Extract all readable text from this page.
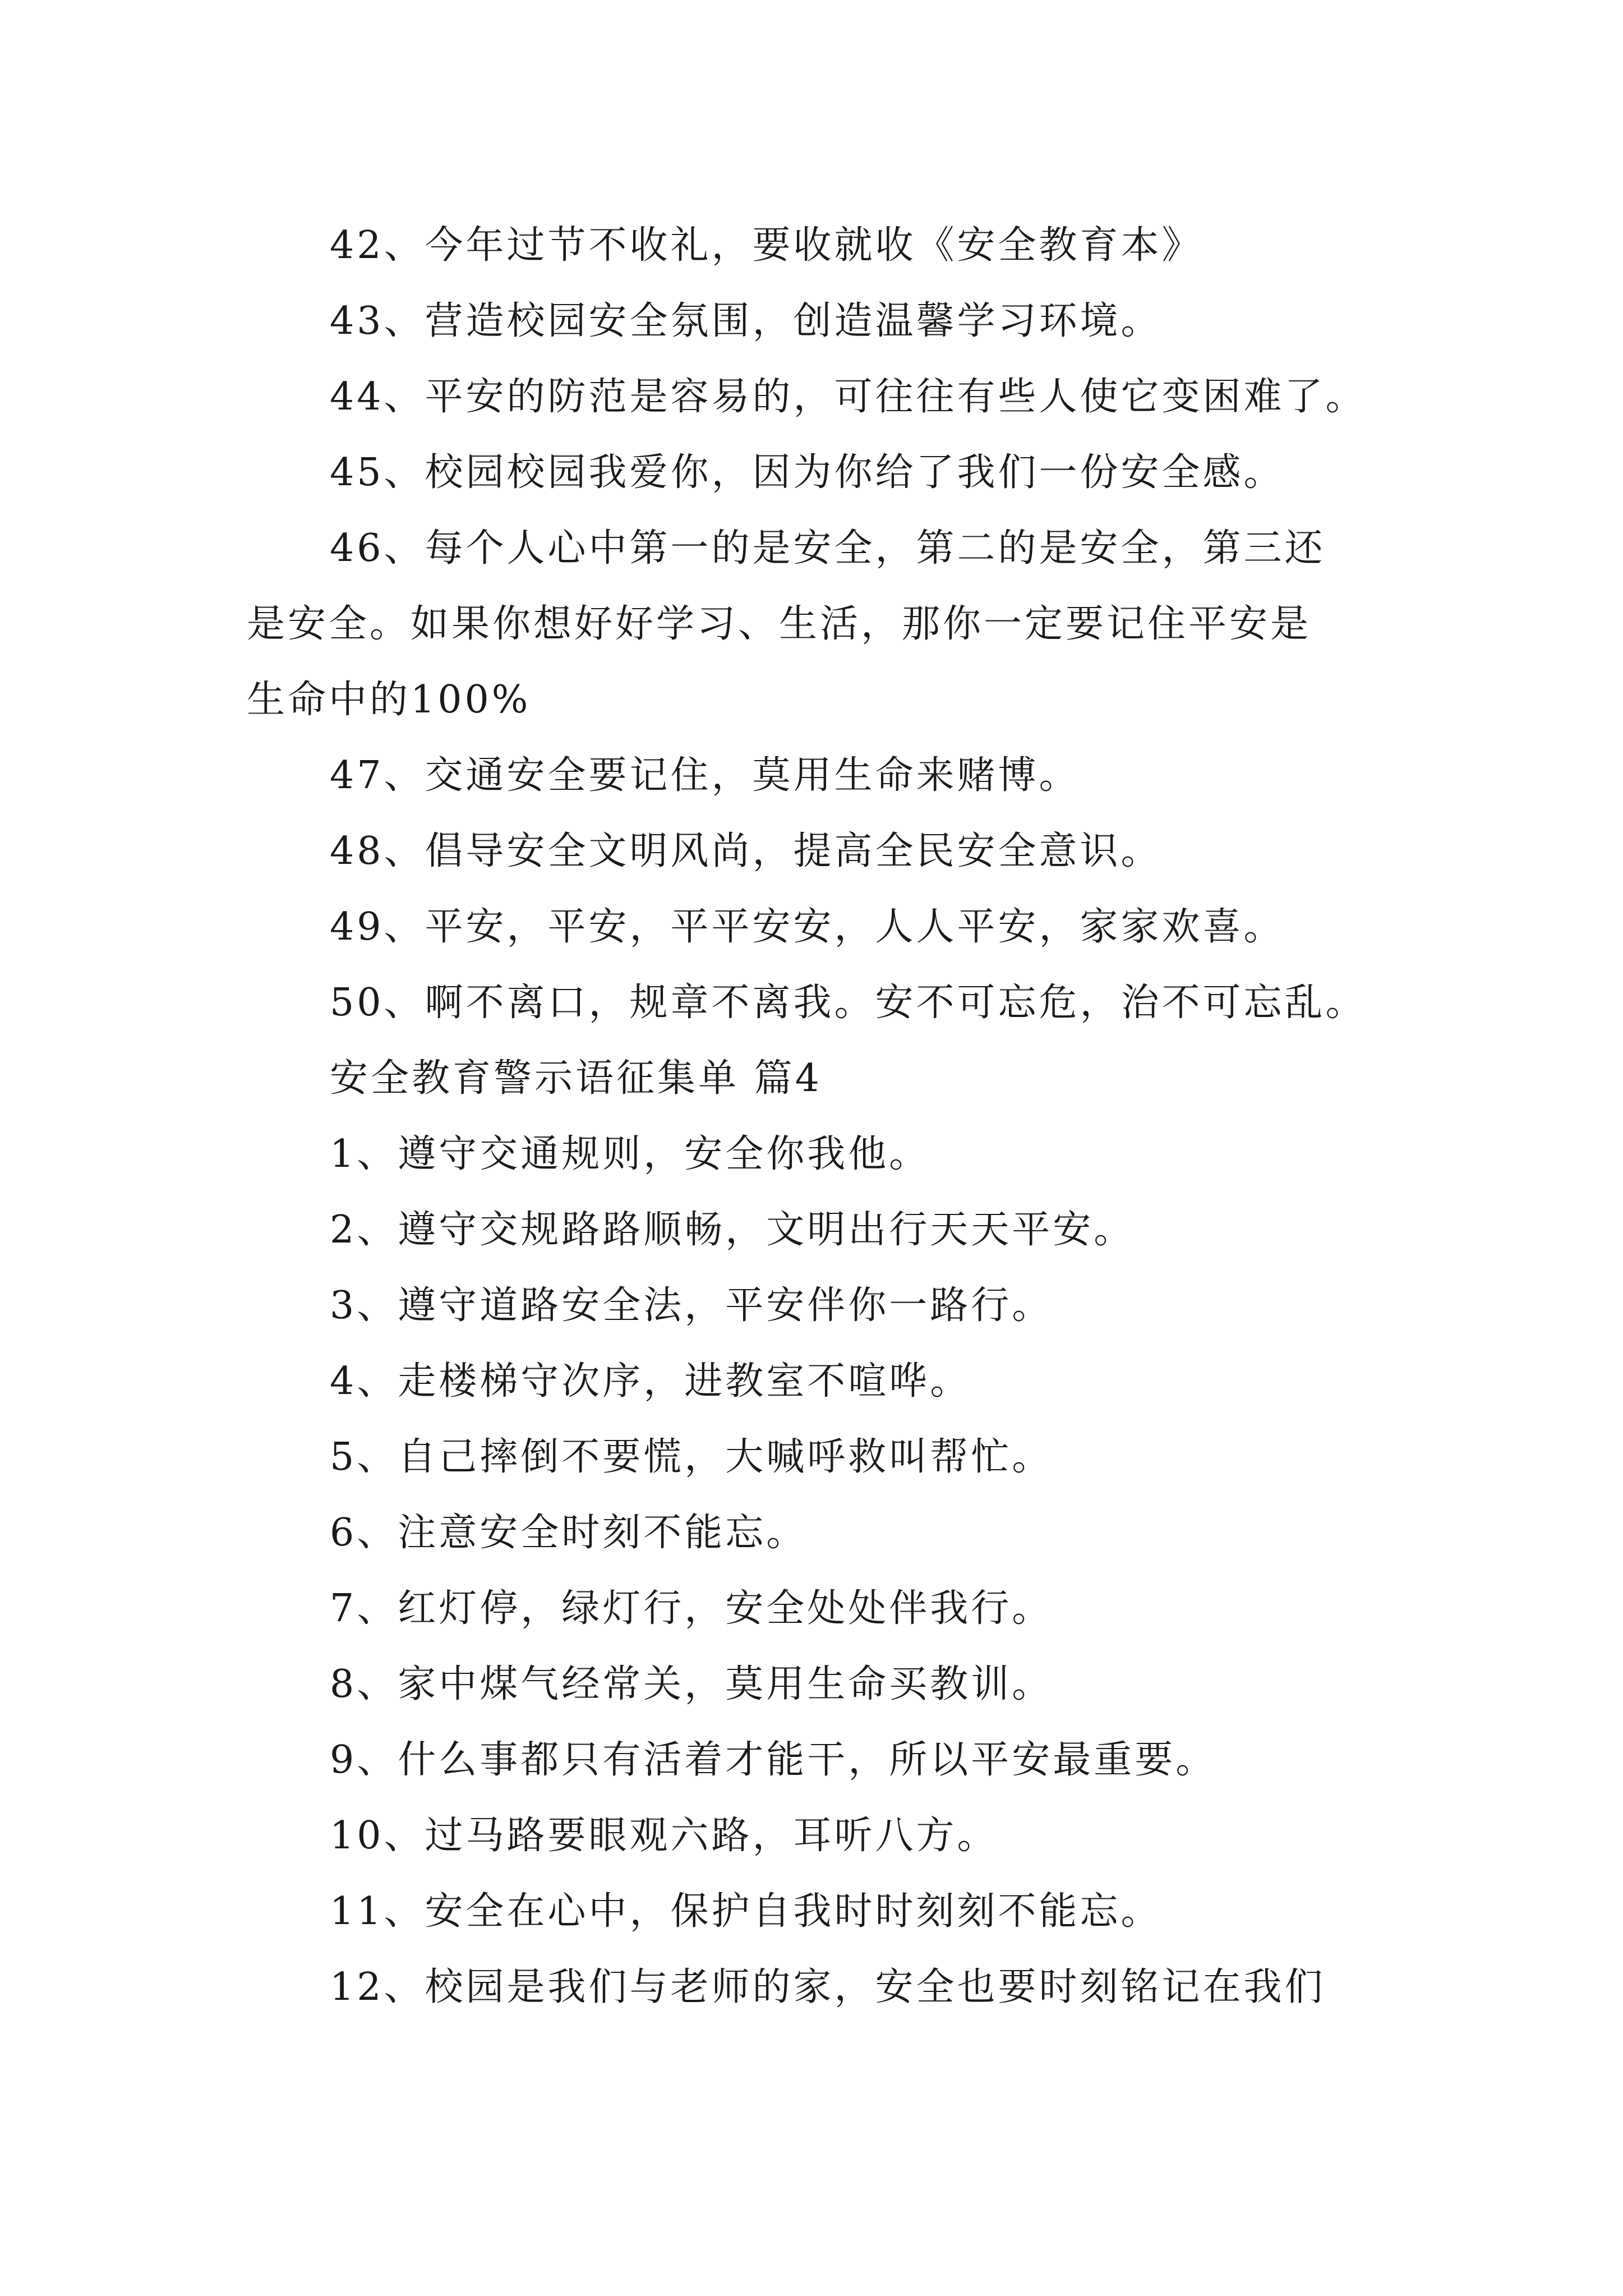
42、今年过节不收礼，要收就收《安全教育本》
43、营造校园安全氛围，创造温馨学习环境。
44、平安的防范是容易的，可往往有些人使它变困难了。
45、校园校园我爱你，因为你给了我们一份安全感。
46、每个人心中第一的是安全，第二的是安全，第三还
是安全。如果你想好好学习、生活，那你一定要记住平安是
生命中的100%
47、交通安全要记住，莫用生命来赌博。
48、倡导安全文明风尚，提高全民安全意识。
49、平安，平安，平平安安，人人平安，家家欢喜。
50、啊不离口，规章不离我。安不可忘危，治不可忘乱。
安全教育警示语征集单 篇4
1、遵守交通规则，安全你我他。
2、遵守交规路路顺畅，文明出行天天平安。
3、遵守道路安全法，平安伴你一路行。
4、走楼梯守次序，进教室不喧哗。
5、自己摔倒不要慌，大喊呼救叫帮忙。
6、注意安全时刻不能忘。
7、红灯停，绿灯行，安全处处伴我行。
8、家中煤气经常关，莫用生命买教训。
9、什么事都只有活着才能干，所以平安最重要。
10、过马路要眼观六路，耳听八方。
11、安全在心中，保护自我时时刻刻不能忘。
12、校园是我们与老师的家，安全也要时刻铭记在我们
